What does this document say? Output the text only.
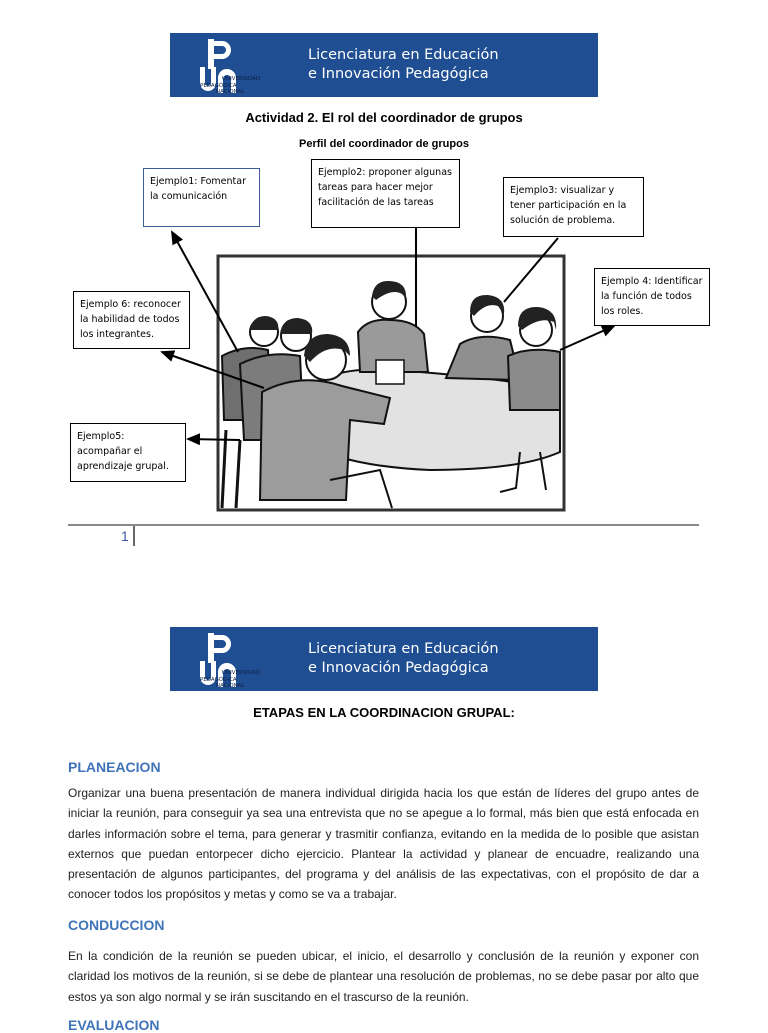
UNIVERSIDAD
PEDAGÓGICA
NACIONAL
Licenciatura en Educación
e Innovación Pedagógica
Actividad 2. El rol del coordinador de grupos
Perfil del coordinador de grupos
Ejemplo1: Fomentar la comunicación
Ejemplo2: proponer algunas tareas para hacer mejor facilitación de las tareas
Ejemplo3: visualizar y tener participación en la solución de problema.
Ejemplo 4: Identificar la función de todos los roles.
Ejemplo5: acompañar el aprendizaje grupal.
Ejemplo 6: reconocer la habilidad de todos los integrantes.
1
UNIVERSIDAD
PEDAGÓGICA
NACIONAL
Licenciatura en Educación
e Innovación Pedagógica
ETAPAS EN LA COORDINACION GRUPAL:
PLANEACION
Organizar una buena presentación de manera individual dirigida hacia los que están de líderes del grupo antes de iniciar la reunión, para conseguir ya sea una entrevista que no se apegue a lo formal, más bien que está enfocada en darles información sobre el tema, para generar y trasmitir confianza, evitando en la medida de lo posible que asistan externos que puedan entorpecer dicho ejercicio. Plantear la actividad y planear de encuadre, realizando una presentación de algunos participantes, del programa y del análisis de las expectativas, con el propósito de dar a conocer todos los propósitos y metas y como se va a trabajar.
CONDUCCION
En la condición de la reunión se pueden ubicar, el inicio, el desarrollo y conclusión de la reunión y exponer con claridad los motivos de la reunión, si se debe de plantear una resolución de problemas, no se debe pasar por alto que estos ya son algo normal y se irán suscitando en el trascurso de la reunión.
EVALUACION
